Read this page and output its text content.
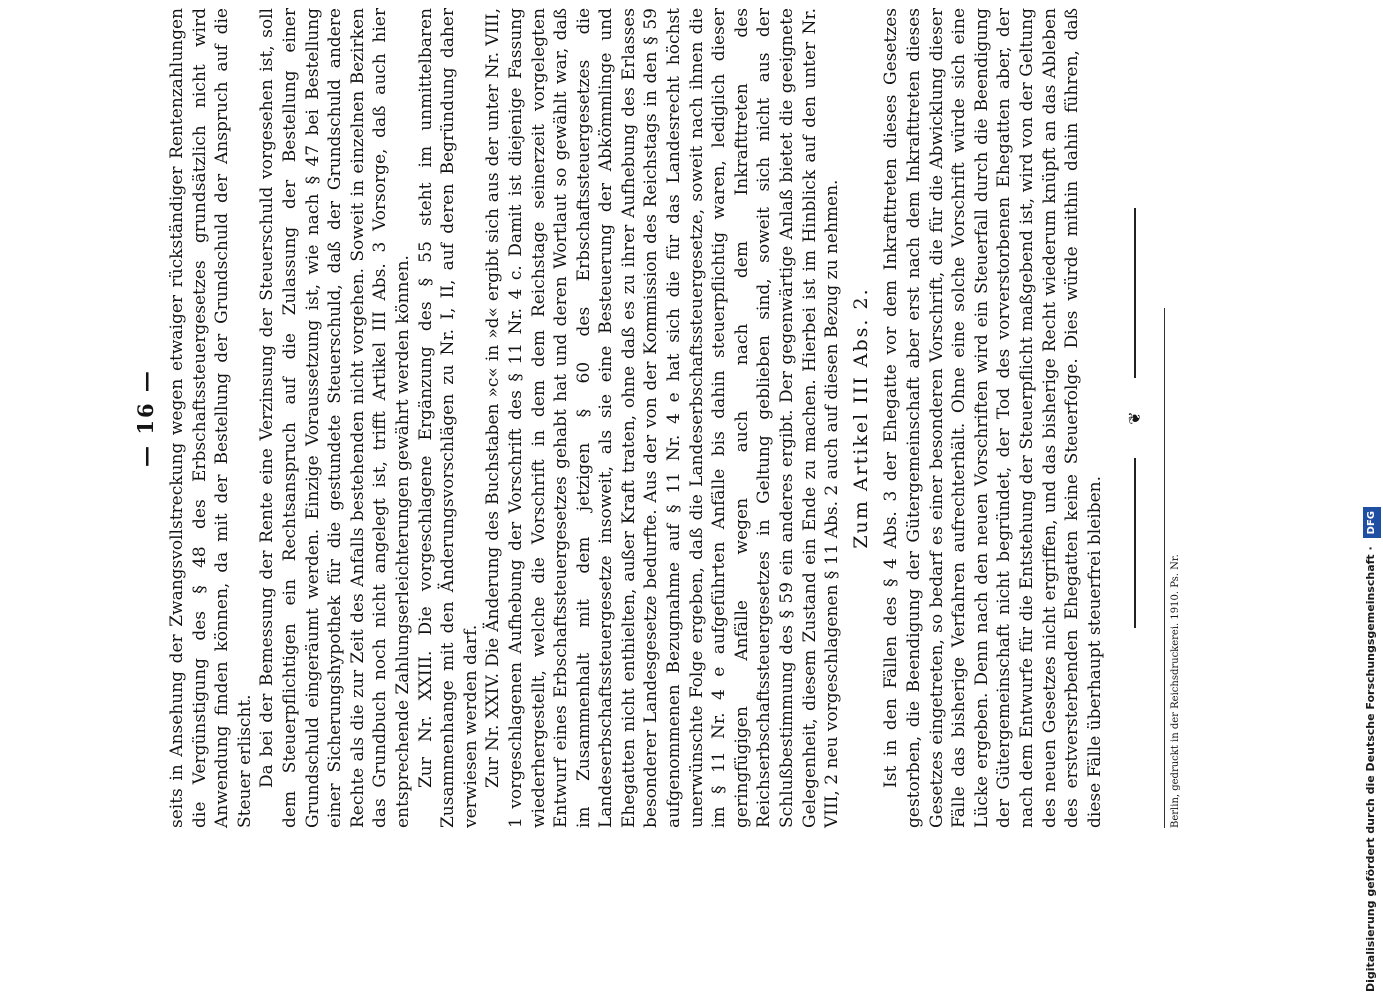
— 16 — seits in Ansehung der Zwangsvollstreckung wegen etwaiger rückständiger Rentenzahlungen die Vergünstigung des § 48 des Erbschaftssteuergesetzes grundsätzlich nicht wird Anwendung finden können, da mit der Bestellung der Grundschuld der Anspruch auf die Steuer erlischt. Da bei der Bemessung der Rente eine Verzinsung der Steuerschuld vorgesehen ist, soll dem Steuerpflichtigen ein Rechtsanspruch auf die Zulassung der Bestellung einer Grundschuld eingeräumt werden. Einzige Voraussetzung ist, wie nach § 47 bei Bestellung einer Sicherungshypothek für die gestundete Steuerschuld, daß der Grundschuld andere Rechte als die zur Zeit des Anfalls bestehenden nicht vorgehen. Soweit in einzelnen Bezirken das Grundbuch noch nicht angelegt ist, trifft Artikel III Abs. 3 Vorsorge, daß auch hier entsprechende Zahlungserleichterungen gewährt werden können. Zur Nr. XXIII. Die vorgeschlagene Ergänzung des § 55 steht im unmittelbaren Zusammenhange mit den Änderungsvorschlägen zu Nr. I, II, auf deren Begründung daher verwiesen werden darf. Zur Nr. XXIV. Die Änderung des Buchstaben »c« in »d« ergibt sich aus der unter Nr. VIII, 1 vorgeschlagenen Aufhebung der Vorschrift des § 11 Nr. 4 c. Damit ist diejenige Fassung wiederhergestellt, welche die Vorschrift in dem dem Reichstage seinerzeit vorgelegten Entwurf eines Erbschaftssteuergesetzes gehabt hat und deren Wortlaut so gewählt war, daß im Zusammenhalt mit dem jetzigen § 60 des Erbschaftssteuergesetzes die Landeserbschaftssteuergesetze insoweit, als sie eine Besteuerung der Abkömmlinge und Ehegatten nicht enthielten, außer Kraft traten, ohne daß es zu ihrer Aufhebung des Erlasses besonderer Landesgesetze bedurfte. Aus der von der Kommission des Reichstags in den § 59 aufgenommenen Bezugnahme auf § 11 Nr. 4 e hat sich die für das Landesrecht höchst unerwünschte Folge ergeben, daß die Landeserbschaftssteuergesetze, soweit nach ihnen die im § 11 Nr. 4 e aufgeführten Anfälle bis dahin steuerpflichtig waren, lediglich dieser geringfügigen Anfälle wegen auch nach dem Inkrafttreten des Reichserbschaftssteuergesetzes in Geltung geblieben sind, soweit sich nicht aus der Schlußbestimmung des § 59 ein anderes ergibt. Der gegenwärtige Anlaß bietet die geeignete Gelegenheit, diesem Zustand ein Ende zu machen. Hierbei ist im Hinblick auf den unter Nr. VIII, 2 neu vorgeschlagenen § 11 Abs. 2 auch auf diesen Bezug zu nehmen. Zum Artikel III Abs. 2. Ist in den Fällen des § 4 Abs. 3 der Ehegatte vor dem Inkrafttreten dieses Gesetzes gestorben, die Beendigung der Gütergemeinschaft aber erst nach dem Inkrafttreten dieses Gesetzes eingetreten, so bedarf es einer besonderen Vorschrift, die für die Abwicklung dieser Fälle das bisherige Verfahren aufrechterhält. Ohne eine solche Vorschrift würde sich eine Lücke ergeben. Denn nach den neuen Vorschriften wird ein Steuerfall durch die Beendigung der Gütergemeinschaft nicht begründet, der Tod des vorverstorbenen Ehegatten aber, der nach dem Entwurfe für die Entstehung der Steuerpflicht maßgebend ist, wird von der Geltung des neuen Gesetzes nicht ergriffen, und das bisherige Recht wiederum knüpft an das Ableben des erstversterbenden Ehegatten keine Steuerfolge. Dies würde mithin dahin führen, daß diese Fälle überhaupt steuerfrei bleiben.

❦
Berlin, gedruckt in der Reichsdruckerei. 1910. Ps. Nr.	Digitalisierung gefördert durch die Deutsche Forschungsgemeinschaft ·DFG
